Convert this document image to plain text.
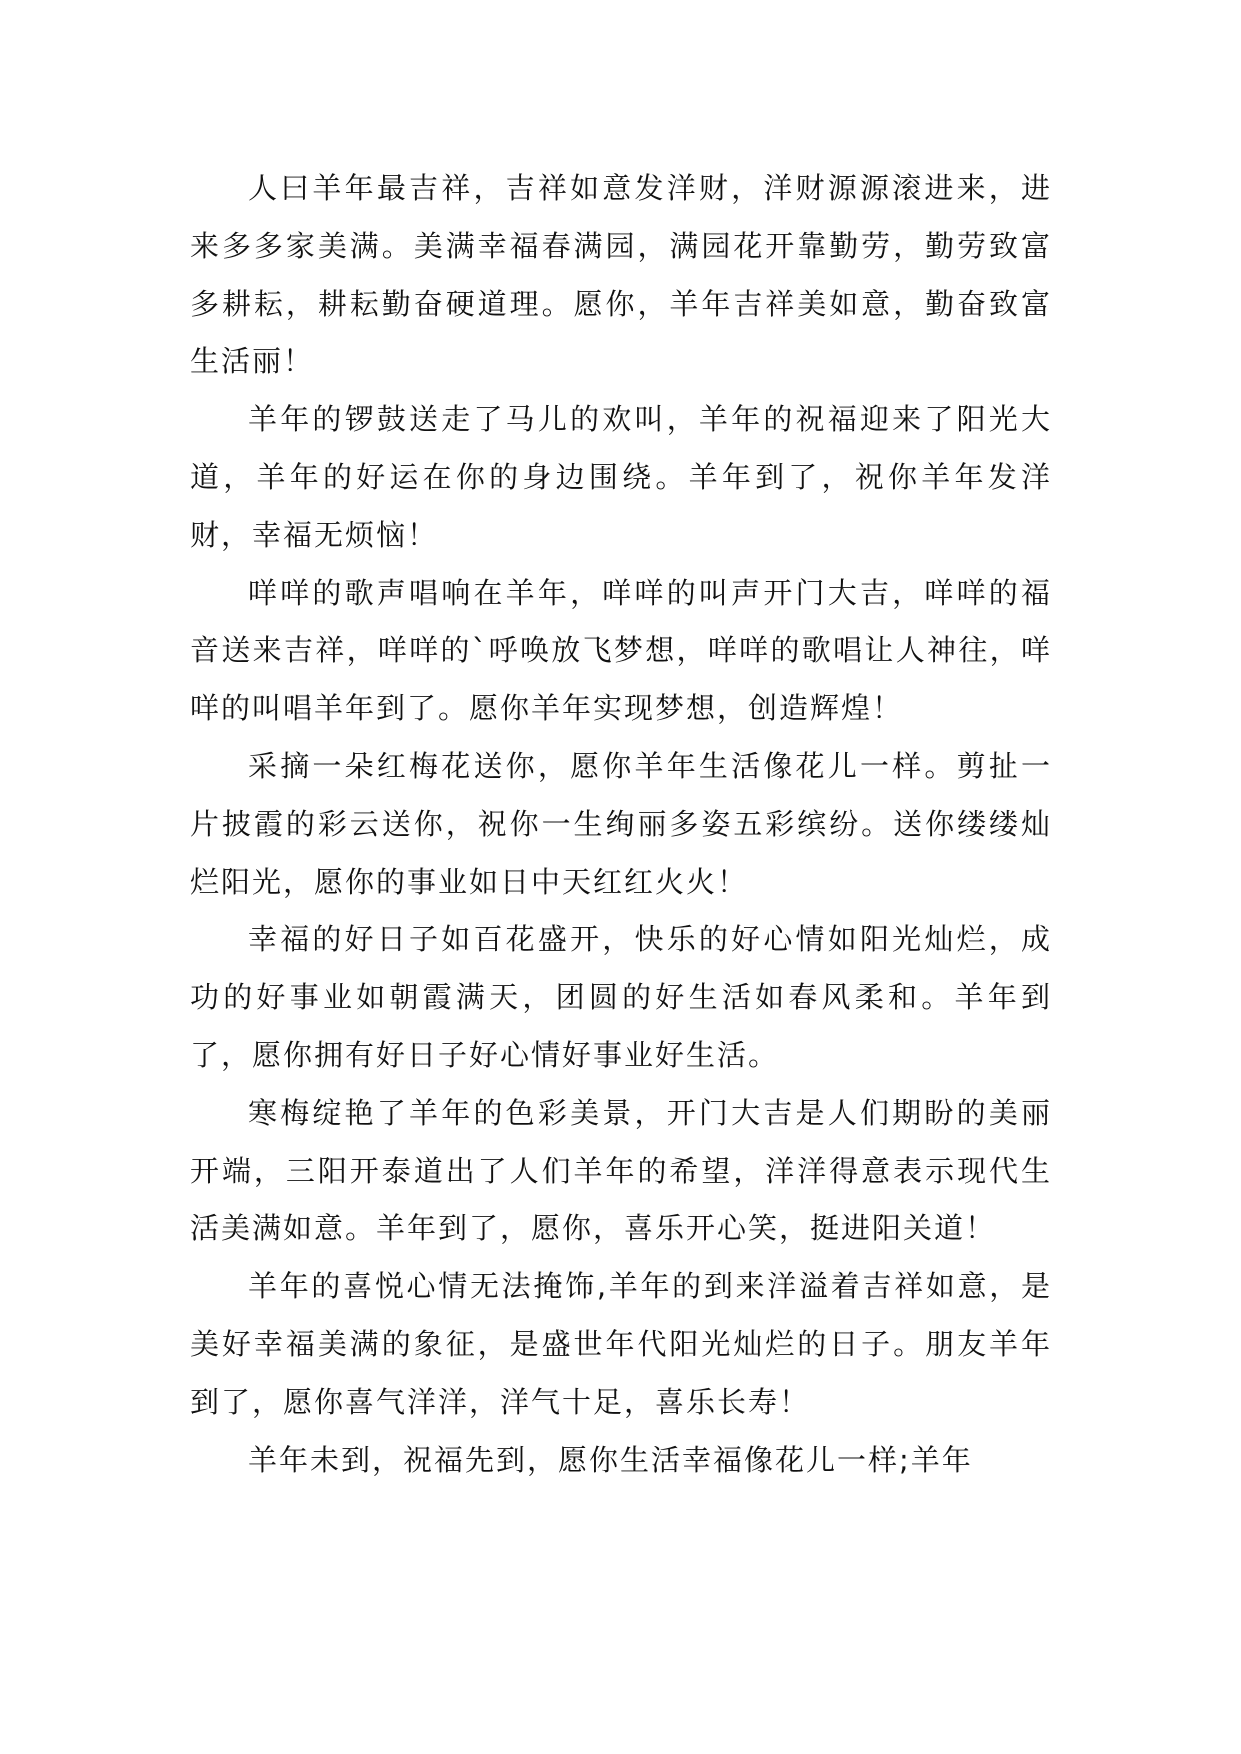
人曰羊年最吉祥，吉祥如意发洋财，洋财源源滚进来，进来多多家美满。美满幸福春满园，满园花开靠勤劳，勤劳致富多耕耘，耕耘勤奋硬道理。愿你，羊年吉祥美如意，勤奋致富生活丽！

羊年的锣鼓送走了马儿的欢叫，羊年的祝福迎来了阳光大道，羊年的好运在你的身边围绕。羊年到了，祝你羊年发洋财，幸福无烦恼！

咩咩的歌声唱响在羊年，咩咩的叫声开门大吉，咩咩的福音送来吉祥，咩咩的`呼唤放飞梦想，咩咩的歌唱让人神往，咩咩的叫唱羊年到了。愿你羊年实现梦想，创造辉煌！

采摘一朵红梅花送你，愿你羊年生活像花儿一样。剪扯一片披霞的彩云送你，祝你一生绚丽多姿五彩缤纷。送你缕缕灿烂阳光，愿你的事业如日中天红红火火！

幸福的好日子如百花盛开，快乐的好心情如阳光灿烂，成功的好事业如朝霞满天，团圆的好生活如春风柔和。羊年到了，愿你拥有好日子好心情好事业好生活。

寒梅绽艳了羊年的色彩美景，开门大吉是人们期盼的美丽开端，三阳开泰道出了人们羊年的希望，洋洋得意表示现代生活美满如意。羊年到了，愿你，喜乐开心笑，挺进阳关道！

羊年的喜悦心情无法掩饰,羊年的到来洋溢着吉祥如意，是美好幸福美满的象征，是盛世年代阳光灿烂的日子。朋友羊年到了，愿你喜气洋洋，洋气十足，喜乐长寿！

羊年未到，祝福先到，愿你生活幸福像花儿一样;羊年
